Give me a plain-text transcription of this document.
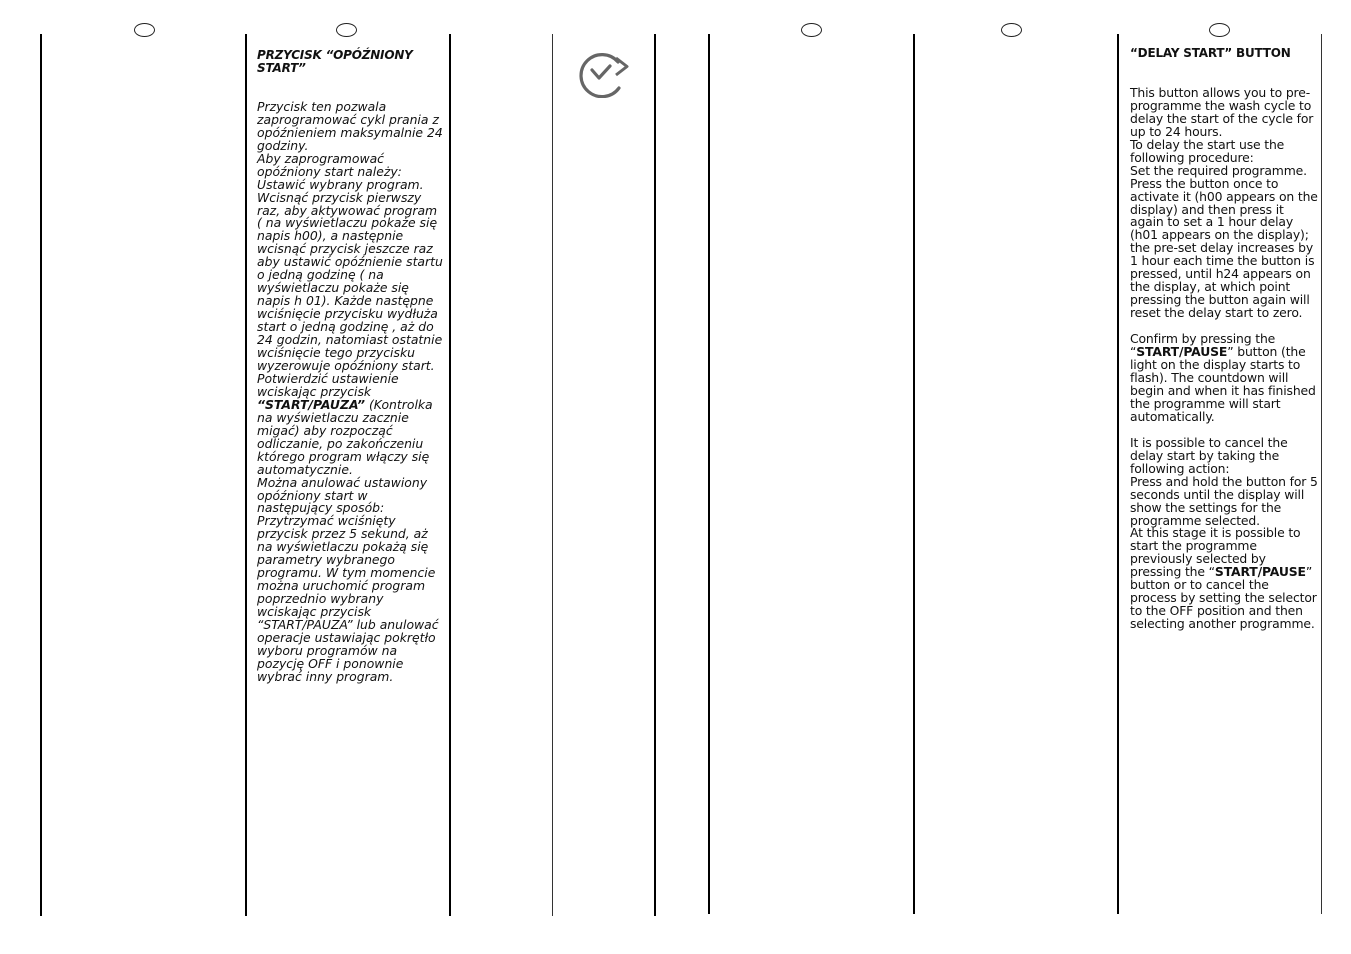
PRZYCISK “OPÓŹNIONY START”

Przycisk ten pozwala zaprogramować cykl prania z opóźnieniem maksymalnie 24 godziny.

Aby zaprogramować opóźniony start należy:

Ustawić wybrany program.

Wcisnąć przycisk pierwszy raz, aby aktywować program ( na wyświetlaczu pokaże się napis h00), a następnie wcisnąć przycisk jeszcze raz aby ustawić opóźnienie startu o jedną godzinę ( na wyświetlaczu pokaże się napis h 01). Każde następne wciśnięcie przycisku wydłuża start o jedną godzinę , aż do 24 godzin, natomiast ostatnie wciśnięcie tego przycisku wyzerowuje opóźniony start.

Potwierdzić ustawienie wciskając przycisk “START/PAUZA” (Kontrolka na wyświetlaczu zacznie migać) aby rozpocząć odliczanie, po zakończeniu którego program włączy się automatycznie.

Można anulować ustawiony opóźniony start w następujący sposób:

Przytrzymać wciśnięty przycisk przez 5 sekund, aż na wyświetlaczu pokażą się parametry wybranego programu. W tym momencie można uruchomić program poprzednio wybrany wciskając przycisk “START/PAUZA” lub anulować operacje ustawiając pokrętło wyboru programów na pozycję OFF i ponownie wybrać inny program.

“DELAY START” BUTTON

This button allows you to pre-programme the wash cycle to delay the start of the cycle for up to 24 hours.

To delay the start use the following procedure:

Set the required programme.

Press the button once to activate it (h00 appears on the display) and then press it again to set a 1 hour delay (h01 appears on the display); the pre-set delay increases by 1 hour each time the button is pressed, until h24 appears on the display, at which point pressing the button again will reset the delay start to zero.

Confirm by pressing the “START/PAUSE” button (the light on the display starts to flash). The countdown will begin and when it has finished the programme will start automatically.

It is possible to cancel the delay start by taking the following action:

Press and hold the button for 5 seconds until the display will show the settings for the programme selected.

At this stage it is possible to start the programme previously selected by pressing the “START/PAUSE” button or to cancel the process by setting the selector to the OFF position and then selecting another programme.
